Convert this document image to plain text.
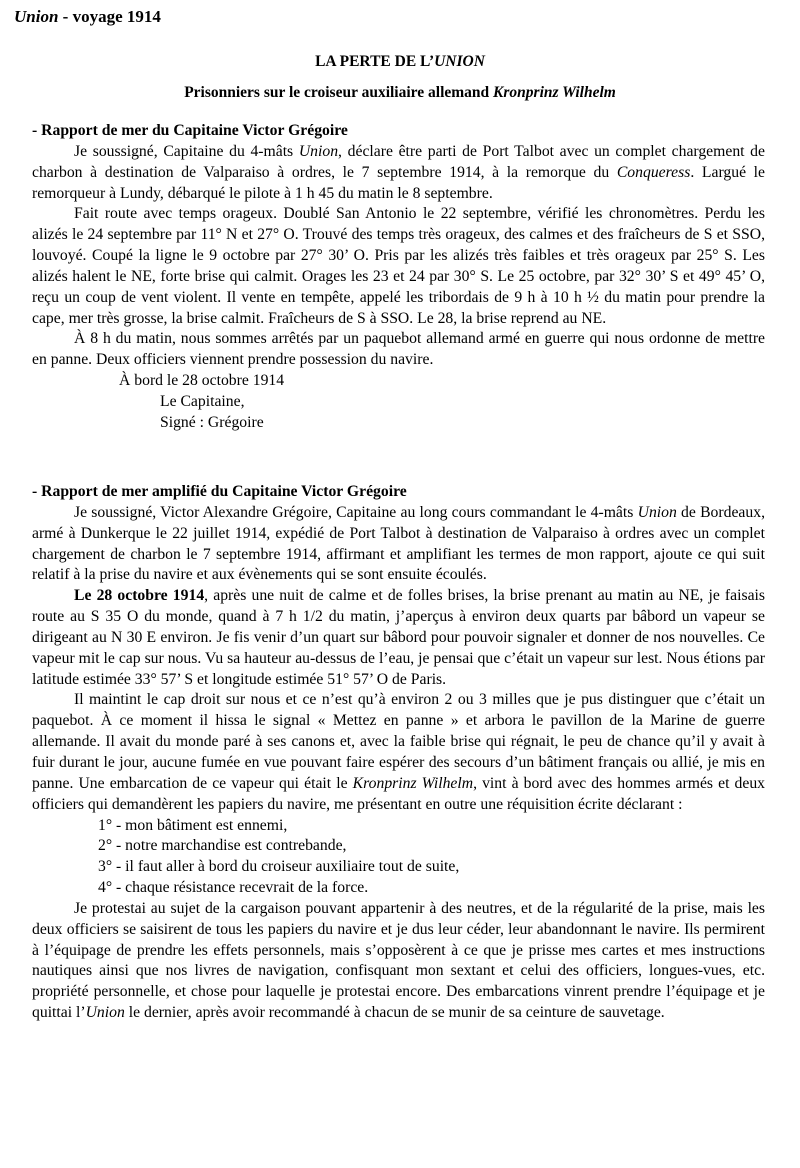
Union - voyage 1914
LA PERTE DE L’UNION
Prisonniers sur le croiseur auxiliaire allemand Kronprinz Wilhelm

- Rapport de mer du Capitaine Victor Grégoire

Je soussigné, Capitaine du 4-mâts Union, déclare être parti de Port Talbot avec un complet chargement de charbon à destination de Valparaiso à ordres, le 7 septembre 1914, à la remorque du Conqueress. Largué le remorqueur à Lundy, débarqué le pilote à 1 h 45 du matin le 8 septembre.

Fait route avec temps orageux. Doublé San Antonio le 22 septembre, vérifié les chronomètres. Perdu les alizés le 24 septembre par 11° N et 27° O. Trouvé des temps très orageux, des calmes et des fraîcheurs de S et SSO, louvoyé. Coupé la ligne le 9 octobre par 27° 30’ O. Pris par les alizés très faibles et très orageux par 25° S. Les alizés halent le NE, forte brise qui calmit. Orages les 23 et 24 par 30° S. Le 25 octobre, par 32° 30’ S et 49° 45’ O, reçu un coup de vent violent. Il vente en tempête, appelé les tribordais de 9 h à 10 h ½ du matin pour prendre la cape, mer très grosse, la brise calmit. Fraîcheurs de S à SSO. Le 28, la brise reprend au NE.

À 8 h du matin, nous sommes arrêtés par un paquebot allemand armé en guerre qui nous ordonne de mettre en panne. Deux officiers viennent prendre possession du navire.

À bord le 28 octobre 1914

Le Capitaine,

Signé : Grégoire

- Rapport de mer amplifié du Capitaine Victor Grégoire

Je soussigné, Victor Alexandre Grégoire, Capitaine au long cours commandant le 4-mâts Union de Bordeaux, armé à Dunkerque le 22 juillet 1914, expédié de Port Talbot à destination de Valparaiso à ordres avec un complet chargement de charbon le 7 septembre 1914, affirmant et amplifiant les termes de mon rapport, ajoute ce qui suit relatif à la prise du navire et aux évènements qui se sont ensuite écoulés.

Le 28 octobre 1914, après une nuit de calme et de folles brises, la brise prenant au matin au NE, je faisais route au S 35 O du monde, quand à 7 h 1/2 du matin, j’aperçus à environ deux quarts par bâbord un vapeur se dirigeant au N 30 E environ. Je fis venir d’un quart sur bâbord pour pouvoir signaler et donner de nos nouvelles. Ce vapeur mit le cap sur nous. Vu sa hauteur au-dessus de l’eau, je pensai que c’était un vapeur sur lest. Nous étions par latitude estimée 33° 57’ S et longitude estimée 51° 57’ O de Paris.

Il maintint le cap droit sur nous et ce n’est qu’à environ 2 ou 3 milles que je pus distinguer que c’était un paquebot. À ce moment il hissa le signal « Mettez en panne » et arbora le pavillon de la Marine de guerre allemande. Il avait du monde paré à ses canons et, avec la faible brise qui régnait, le peu de chance qu’il y avait à fuir durant le jour, aucune fumée en vue pouvant faire espérer des secours d’un bâtiment français ou allié, je mis en panne. Une embarcation de ce vapeur qui était le Kronprinz Wilhelm, vint à bord avec des hommes armés et deux officiers qui demandèrent les papiers du navire, me présentant en outre une réquisition écrite déclarant :

1° - mon bâtiment est ennemi,

2° - notre marchandise est contrebande,

3° - il faut aller à bord du croiseur auxiliaire tout de suite,

4° - chaque résistance recevrait de la force.

Je protestai au sujet de la cargaison pouvant appartenir à des neutres, et de la régularité de la prise, mais les deux officiers se saisirent de tous les papiers du navire et je dus leur céder, leur abandonnant le navire. Ils permirent à l’équipage de prendre les effets personnels, mais s’opposèrent à ce que je prisse mes cartes et mes instructions nautiques ainsi que nos livres de navigation, confisquant mon sextant et celui des officiers, longues-vues, etc. propriété personnelle, et chose pour laquelle je protestai encore. Des embarcations vinrent prendre l’équipage et je quittai l’Union le dernier, après avoir recommandé à chacun de se munir de sa ceinture de sauvetage.
